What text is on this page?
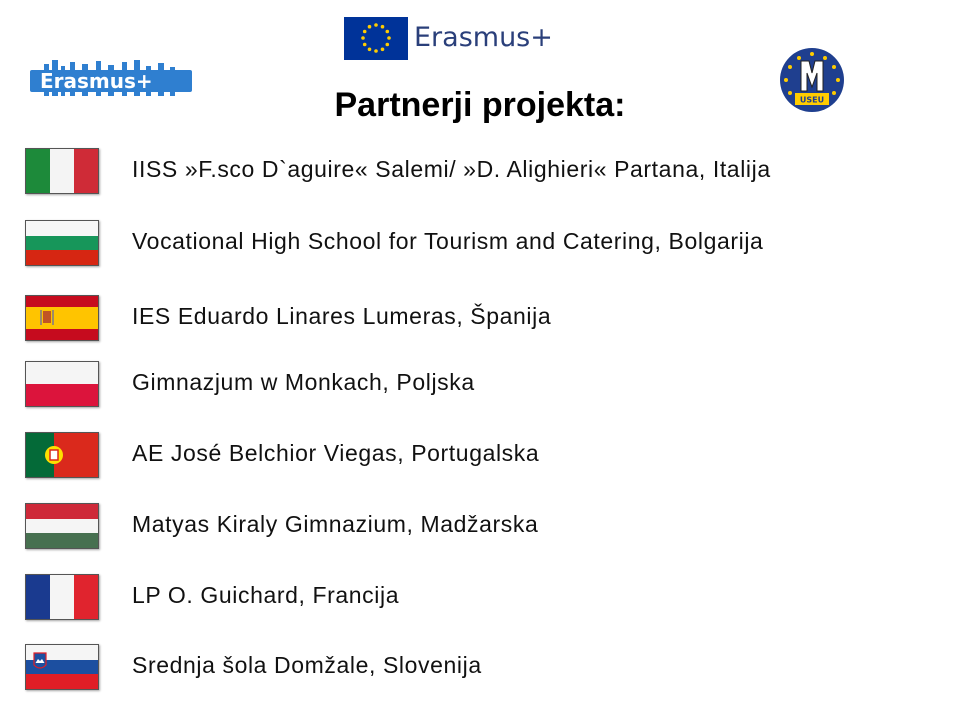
Erasmus+
Erasmus+
USEU
Partnerji projekta:
IISS »F.sco D`aguire« Salemi/ »D. Alighieri« Partana, Italija
Vocational High School for Tourism and Catering, Bolgarija
IES Eduardo Linares Lumeras, Španija
Gimnazjum w Monkach, Poljska
AE José Belchior Viegas, Portugalska
Matyas Kiraly Gimnazium, Madžarska
LP O. Guichard, Francija
Srednja šola Domžale, Slovenija
